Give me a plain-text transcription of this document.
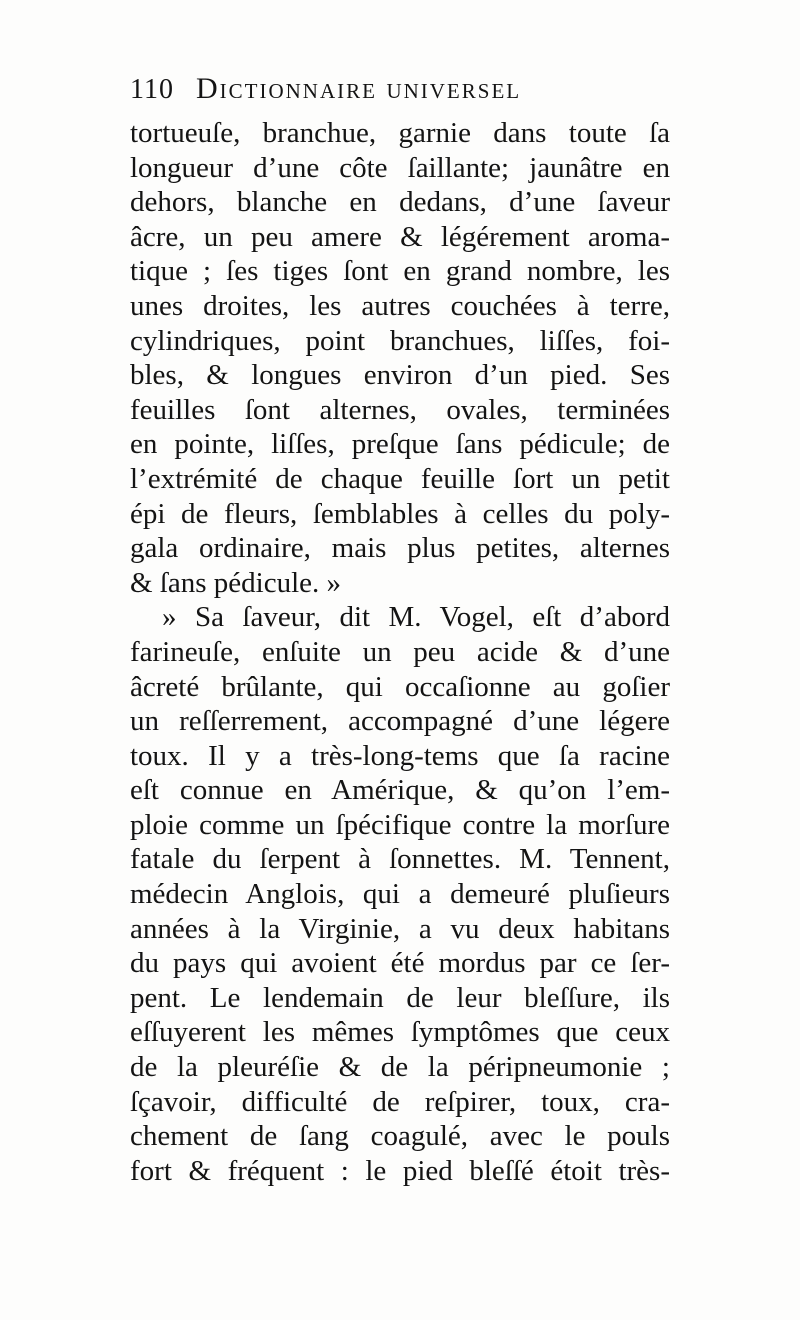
110 Dictionnaire universel
tortueuſe, branchue, garnie dans toute ſa
longueur d’une côte ſaillante; jaunâtre en
dehors, blanche en dedans, d’une ſaveur
âcre, un peu amere & légérement aroma-
tique ; ſes tiges ſont en grand nombre, les
unes droites, les autres couchées à terre,
cylindriques, point branchues, liſſes, foi-
bles, & longues environ d’un pied. Ses
feuilles ſont alternes, ovales, terminées
en pointe, liſſes, preſque ſans pédicule; de
l’extrémité de chaque feuille ſort un petit
épi de fleurs, ſemblables à celles du poly-
gala ordinaire, mais plus petites, alternes
& ſans pédicule. »
» Sa ſaveur, dit M. Vogel, eſt d’abord
farineuſe, enſuite un peu acide & d’une
âcreté brûlante, qui occaſionne au goſier
un reſſerrement, accompagné d’une légere
toux. Il y a très-long-tems que ſa racine
eſt connue en Amérique, & qu’on l’em-
ploie comme un ſpécifique contre la morſure
fatale du ſerpent à ſonnettes. M. Tennent,
médecin Anglois, qui a demeuré pluſieurs
années à la Virginie, a vu deux habitans
du pays qui avoient été mordus par ce ſer-
pent. Le lendemain de leur bleſſure, ils
eſſuyerent les mêmes ſymptômes que ceux
de la pleuréſie & de la péripneumonie ;
ſçavoir, difficulté de reſpirer, toux, cra-
chement de ſang coagulé, avec le pouls
fort & fréquent : le pied bleſſé étoit très-
